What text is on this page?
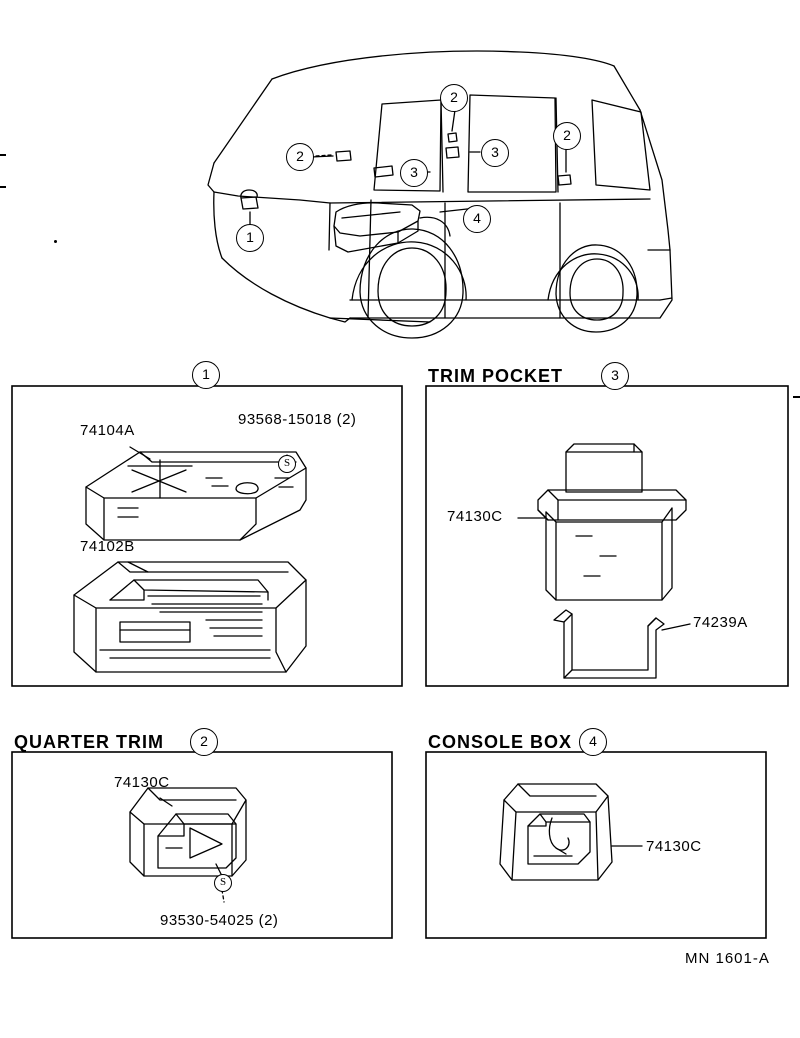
1
2
2
2
3
3
4
1
74104A
74102B
93568-15018 (2)
S
TRIM POCKET	3
74130C
74239A
QUARTER TRIM	2
74130C
S
93530-54025 (2)
CONSOLE BOX	4
74130C
MN 1601-A
